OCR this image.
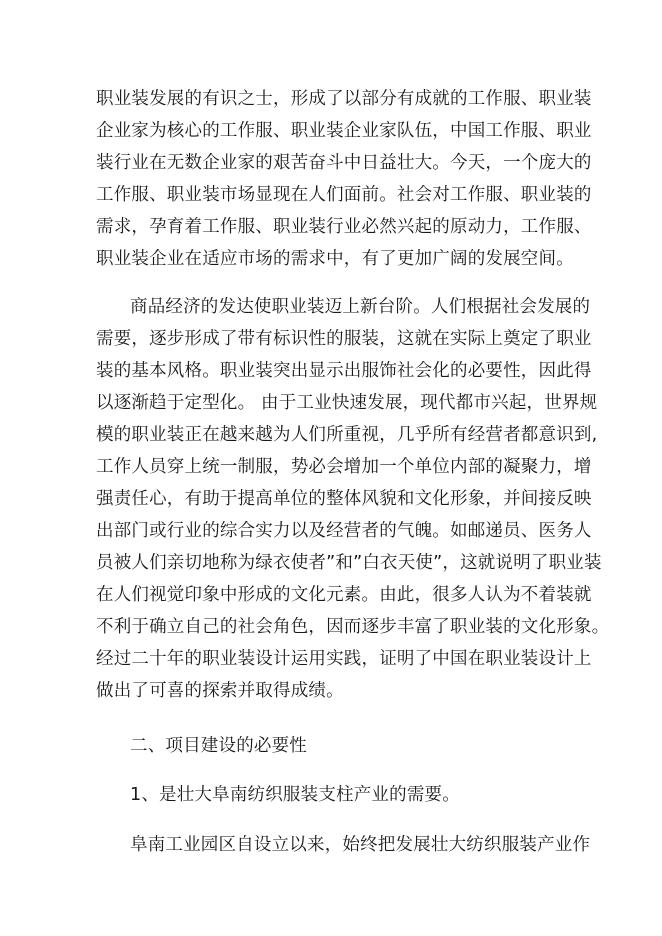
职业装发展的有识之士，形成了以部分有成就的工作服、职业装
企业家为核心的工作服、职业装企业家队伍，中国工作服、职业
装行业在无数企业家的艰苦奋斗中日益壮大。今天，一个庞大的
工作服、职业装市场显现在人们面前。社会对工作服、职业装的
需求，孕育着工作服、职业装行业必然兴起的原动力，工作服、
职业装企业在适应市场的需求中，有了更加广阔的发展空间。
商品经济的发达使职业装迈上新台阶。人们根据社会发展的
需要，逐步形成了带有标识性的服装，这就在实际上奠定了职业
装的基本风格。职业装突出显示出服饰社会化的必要性，因此得
以逐渐趋于定型化。 由于工业快速发展，现代都市兴起，世界规
模的职业装正在越来越为人们所重视，几乎所有经营者都意识到,
工作人员穿上统一制服，势必会增加一个单位内部的凝聚力，增
强责任心，有助于提高单位的整体风貌和文化形象，并间接反映
出部门或行业的综合实力以及经营者的气魄。如邮递员、医务人
员被人们亲切地称为绿衣使者”和”白衣天使”，这就说明了职业装
在人们视觉印象中形成的文化元素。由此，很多人认为不着装就
不利于确立自己的社会角色，因而逐步丰富了职业装的文化形象。
经过二十年的职业装设计运用实践，证明了中国在职业装设计上
做出了可喜的探索并取得成绩。
二、项目建设的必要性
1、是壮大阜南纺织服装支柱产业的需要。
阜南工业园区自设立以来，始终把发展壮大纺织服装产业作
